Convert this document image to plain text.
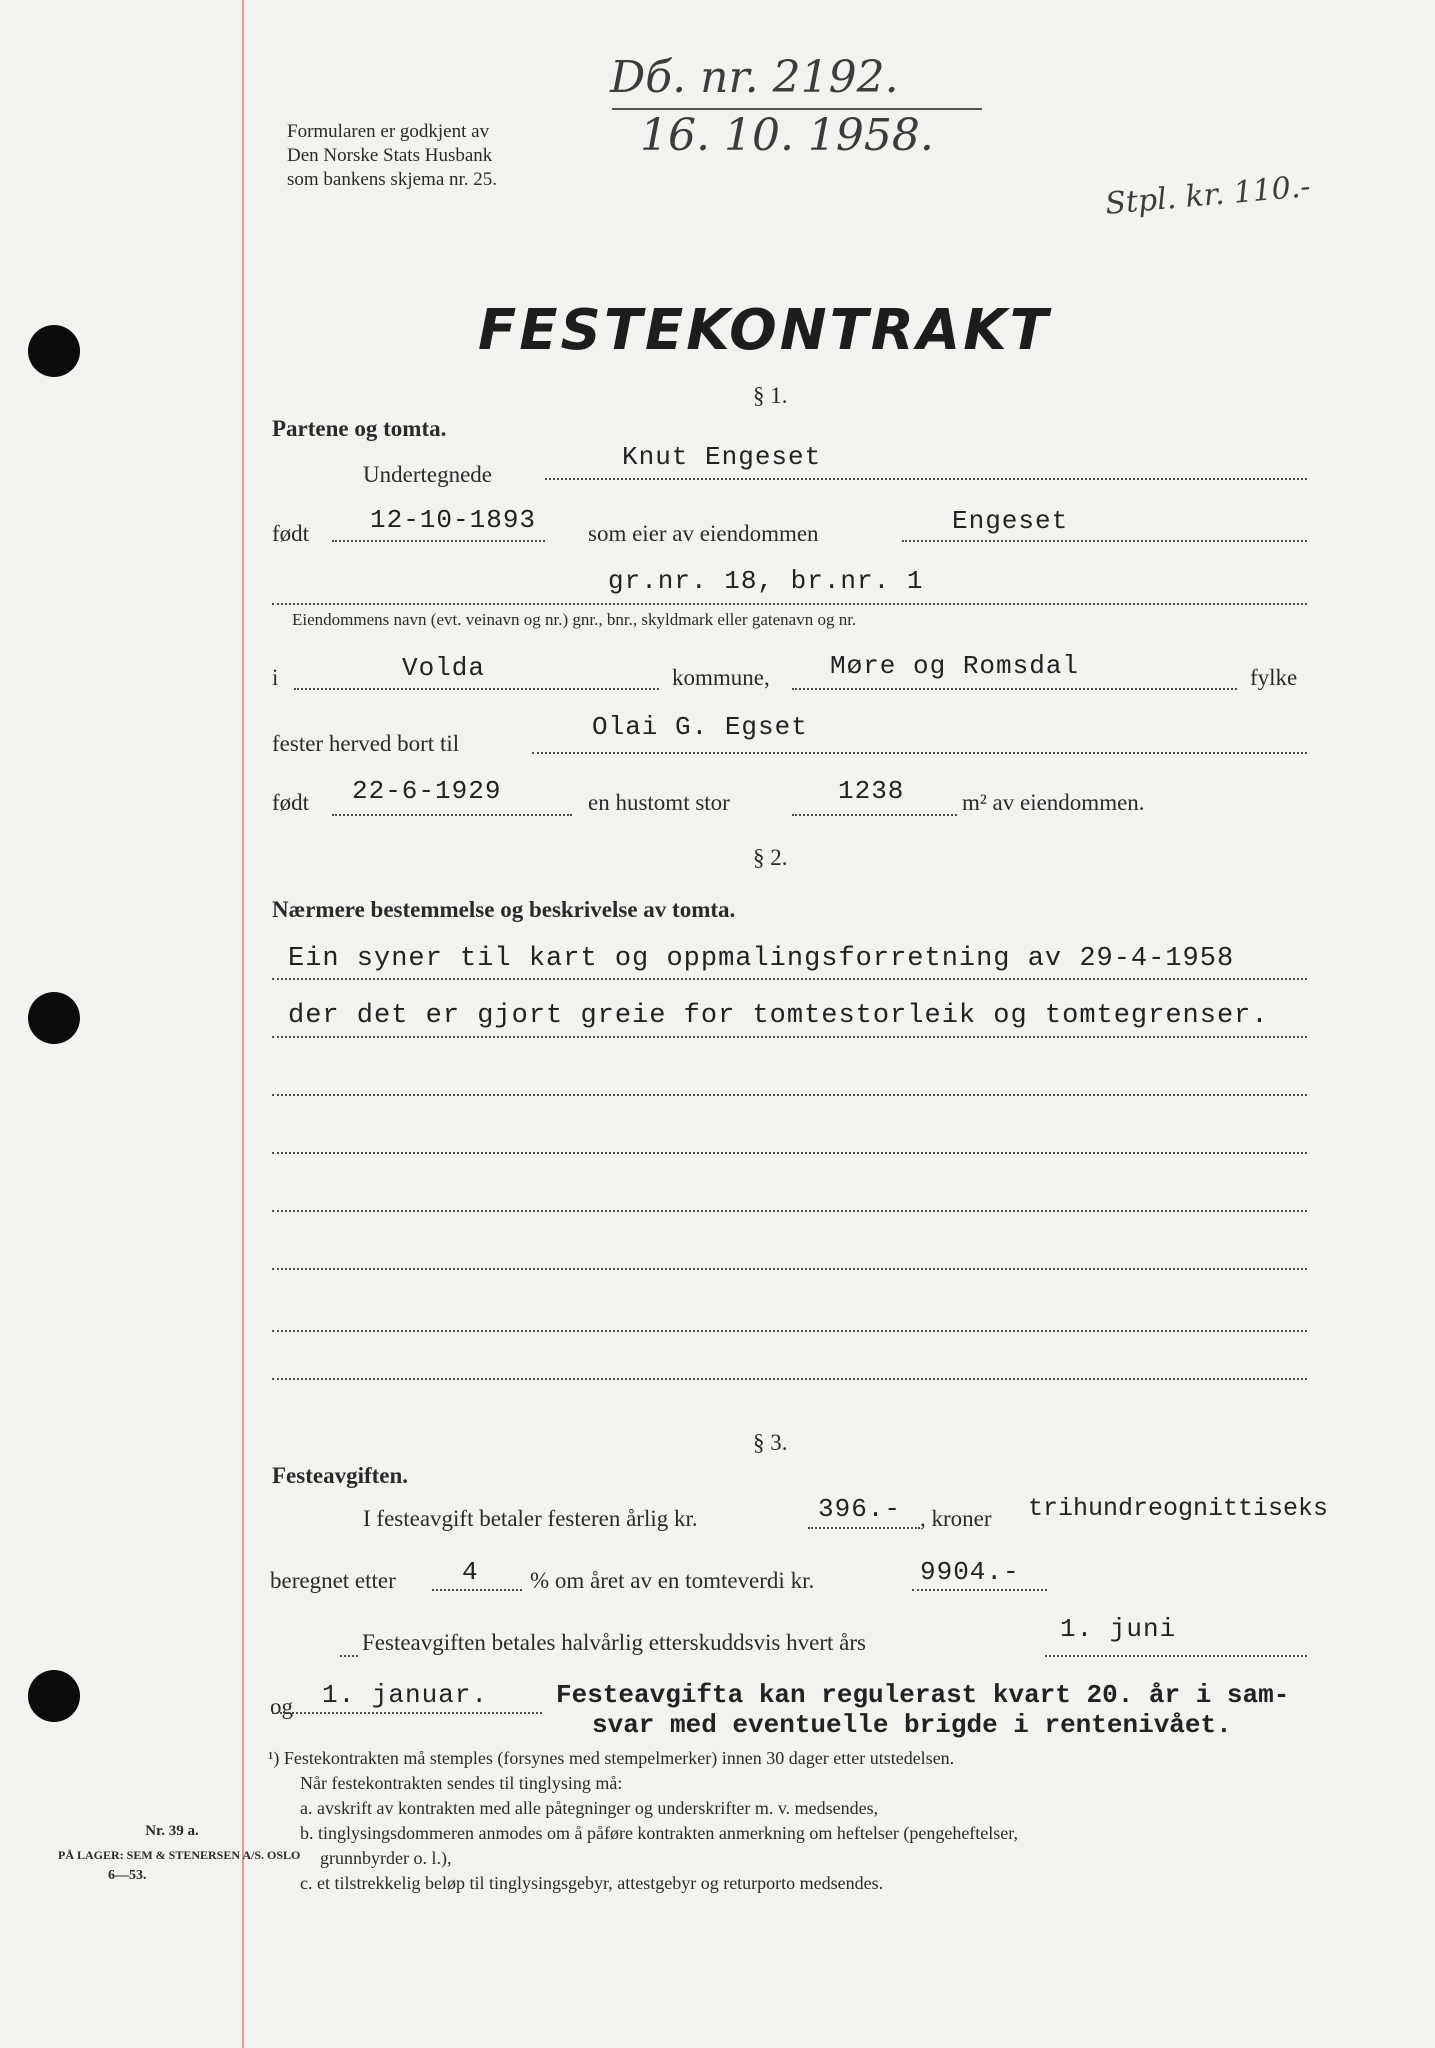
Dб. nr. 2192.
16. 10. 1958.
Stpl. kr. 110.-
Formularen er godkjent av
Den Norske Stats Husbank
som bankens skjema nr. 25.
FESTEKONTRAKT
§ 1.
Partene og tomta.
Undertegnede
Knut Engeset
født 12-10-1893 som eier av eiendommen	Engeset
gr.nr. 18, br.nr. 1
Eiendommens navn (evt. veinavn og nr.) gnr., bnr., skyldmark eller gatenavn og nr.
i	Volda	kommune, Møre og Romsdal	fylke
fester herved bort til
Olai G. Egset
født 22-6-1929	en hustomt stor	1238	m² av eiendommen.
§ 2.
Nærmere bestemmelse og beskrivelse av tomta.
Ein syner til kart og oppmalingsforretning av 29-4-1958
der det er gjort greie for tomtestorleik og tomtegrenser.
§ 3.
Festeavgiften.
I festeavgift betaler festeren årlig kr.	396.- , kroner trihundreognittiseks
beregnet etter	4 % om året av en tomteverdi kr.	9904.-
Festeavgiften betales halvårlig etterskuddsvis hvert års	1. juni
og 1. januar.	Festeavgifta kan regulerast kvart 20. år i sam-
svar med eventuelle brigde i rentenivået.
¹) Festekontrakten må stemples (forsynes med stempelmerker) innen 30 dager etter utstedelsen.
Når festekontrakten sendes til tinglysing må:
a. avskrift av kontrakten med alle påtegninger og underskrifter m. v. medsendes,
b. tinglysingsdommeren anmodes om å påføre kontrakten anmerkning om heftelser (pengeheftelser,
grunnbyrder o. l.),
c. et tilstrekkelig beløp til tinglysingsgebyr, attestgebyr og returporto medsendes.
Nr. 39 a.
PÅ LAGER: SEM & STENERSEN A/S. OSLO
6—53.
